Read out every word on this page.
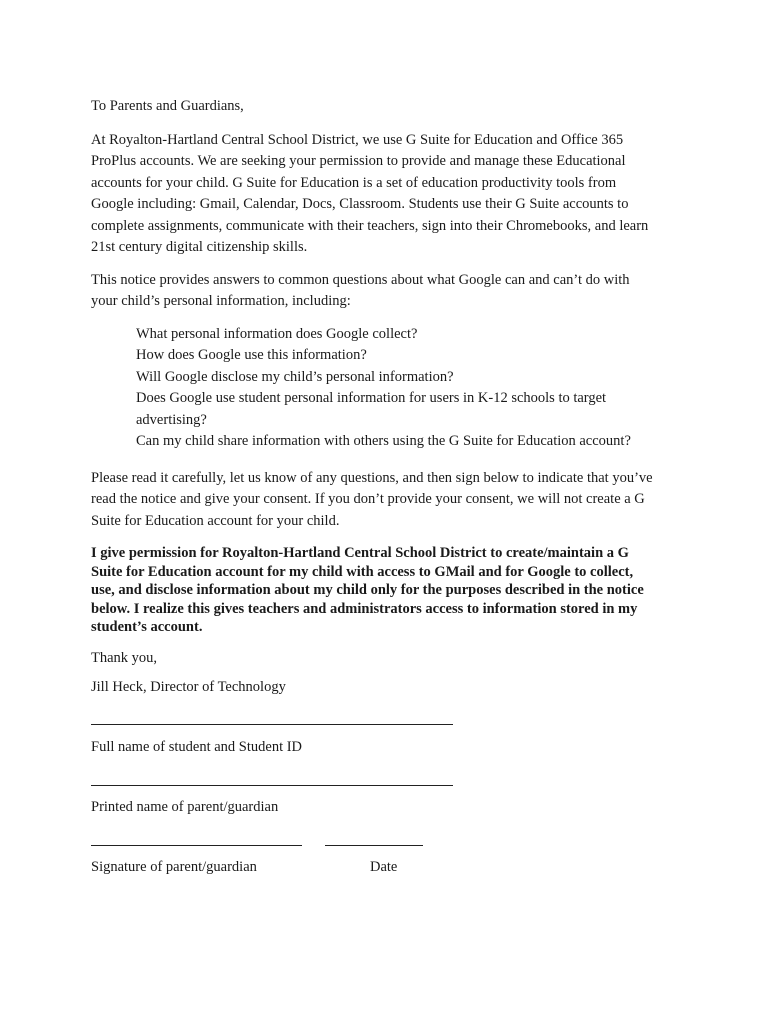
To Parents and Guardians,
At Royalton-Hartland Central School District, we use G Suite for Education and Office 365
ProPlus accounts. We are seeking your permission to provide and manage these Educational
accounts for your child. G Suite for Education is a set of education productivity tools from
Google including: Gmail, Calendar, Docs, Classroom. Students use their G Suite accounts to
complete assignments, communicate with their teachers, sign into their Chromebooks, and learn
21st century digital citizenship skills.
This notice provides answers to common questions about what Google can and can’t do with
your child’s personal information, including:
What personal information does Google collect?
How does Google use this information?
Will Google disclose my child’s personal information?
Does Google use student personal information for users in K-12 schools to target
advertising?
Can my child share information with others using the G Suite for Education account?
Please read it carefully, let us know of any questions, and then sign below to indicate that you’ve
read the notice and give your consent. If you don’t provide your consent, we will not create a G
Suite for Education account for your child.
I give permission for Royalton-Hartland Central School District to create/maintain a G
Suite for Education account for my child with access to GMail and for Google to collect,
use, and disclose information about my child only for the purposes described in the notice
below. I realize this gives teachers and administrators access to information stored in my
student’s account.
Thank you,
Jill Heck, Director of Technology
Full name of student and Student ID
Printed name of parent/guardian
Signature of parent/guardian	Date
